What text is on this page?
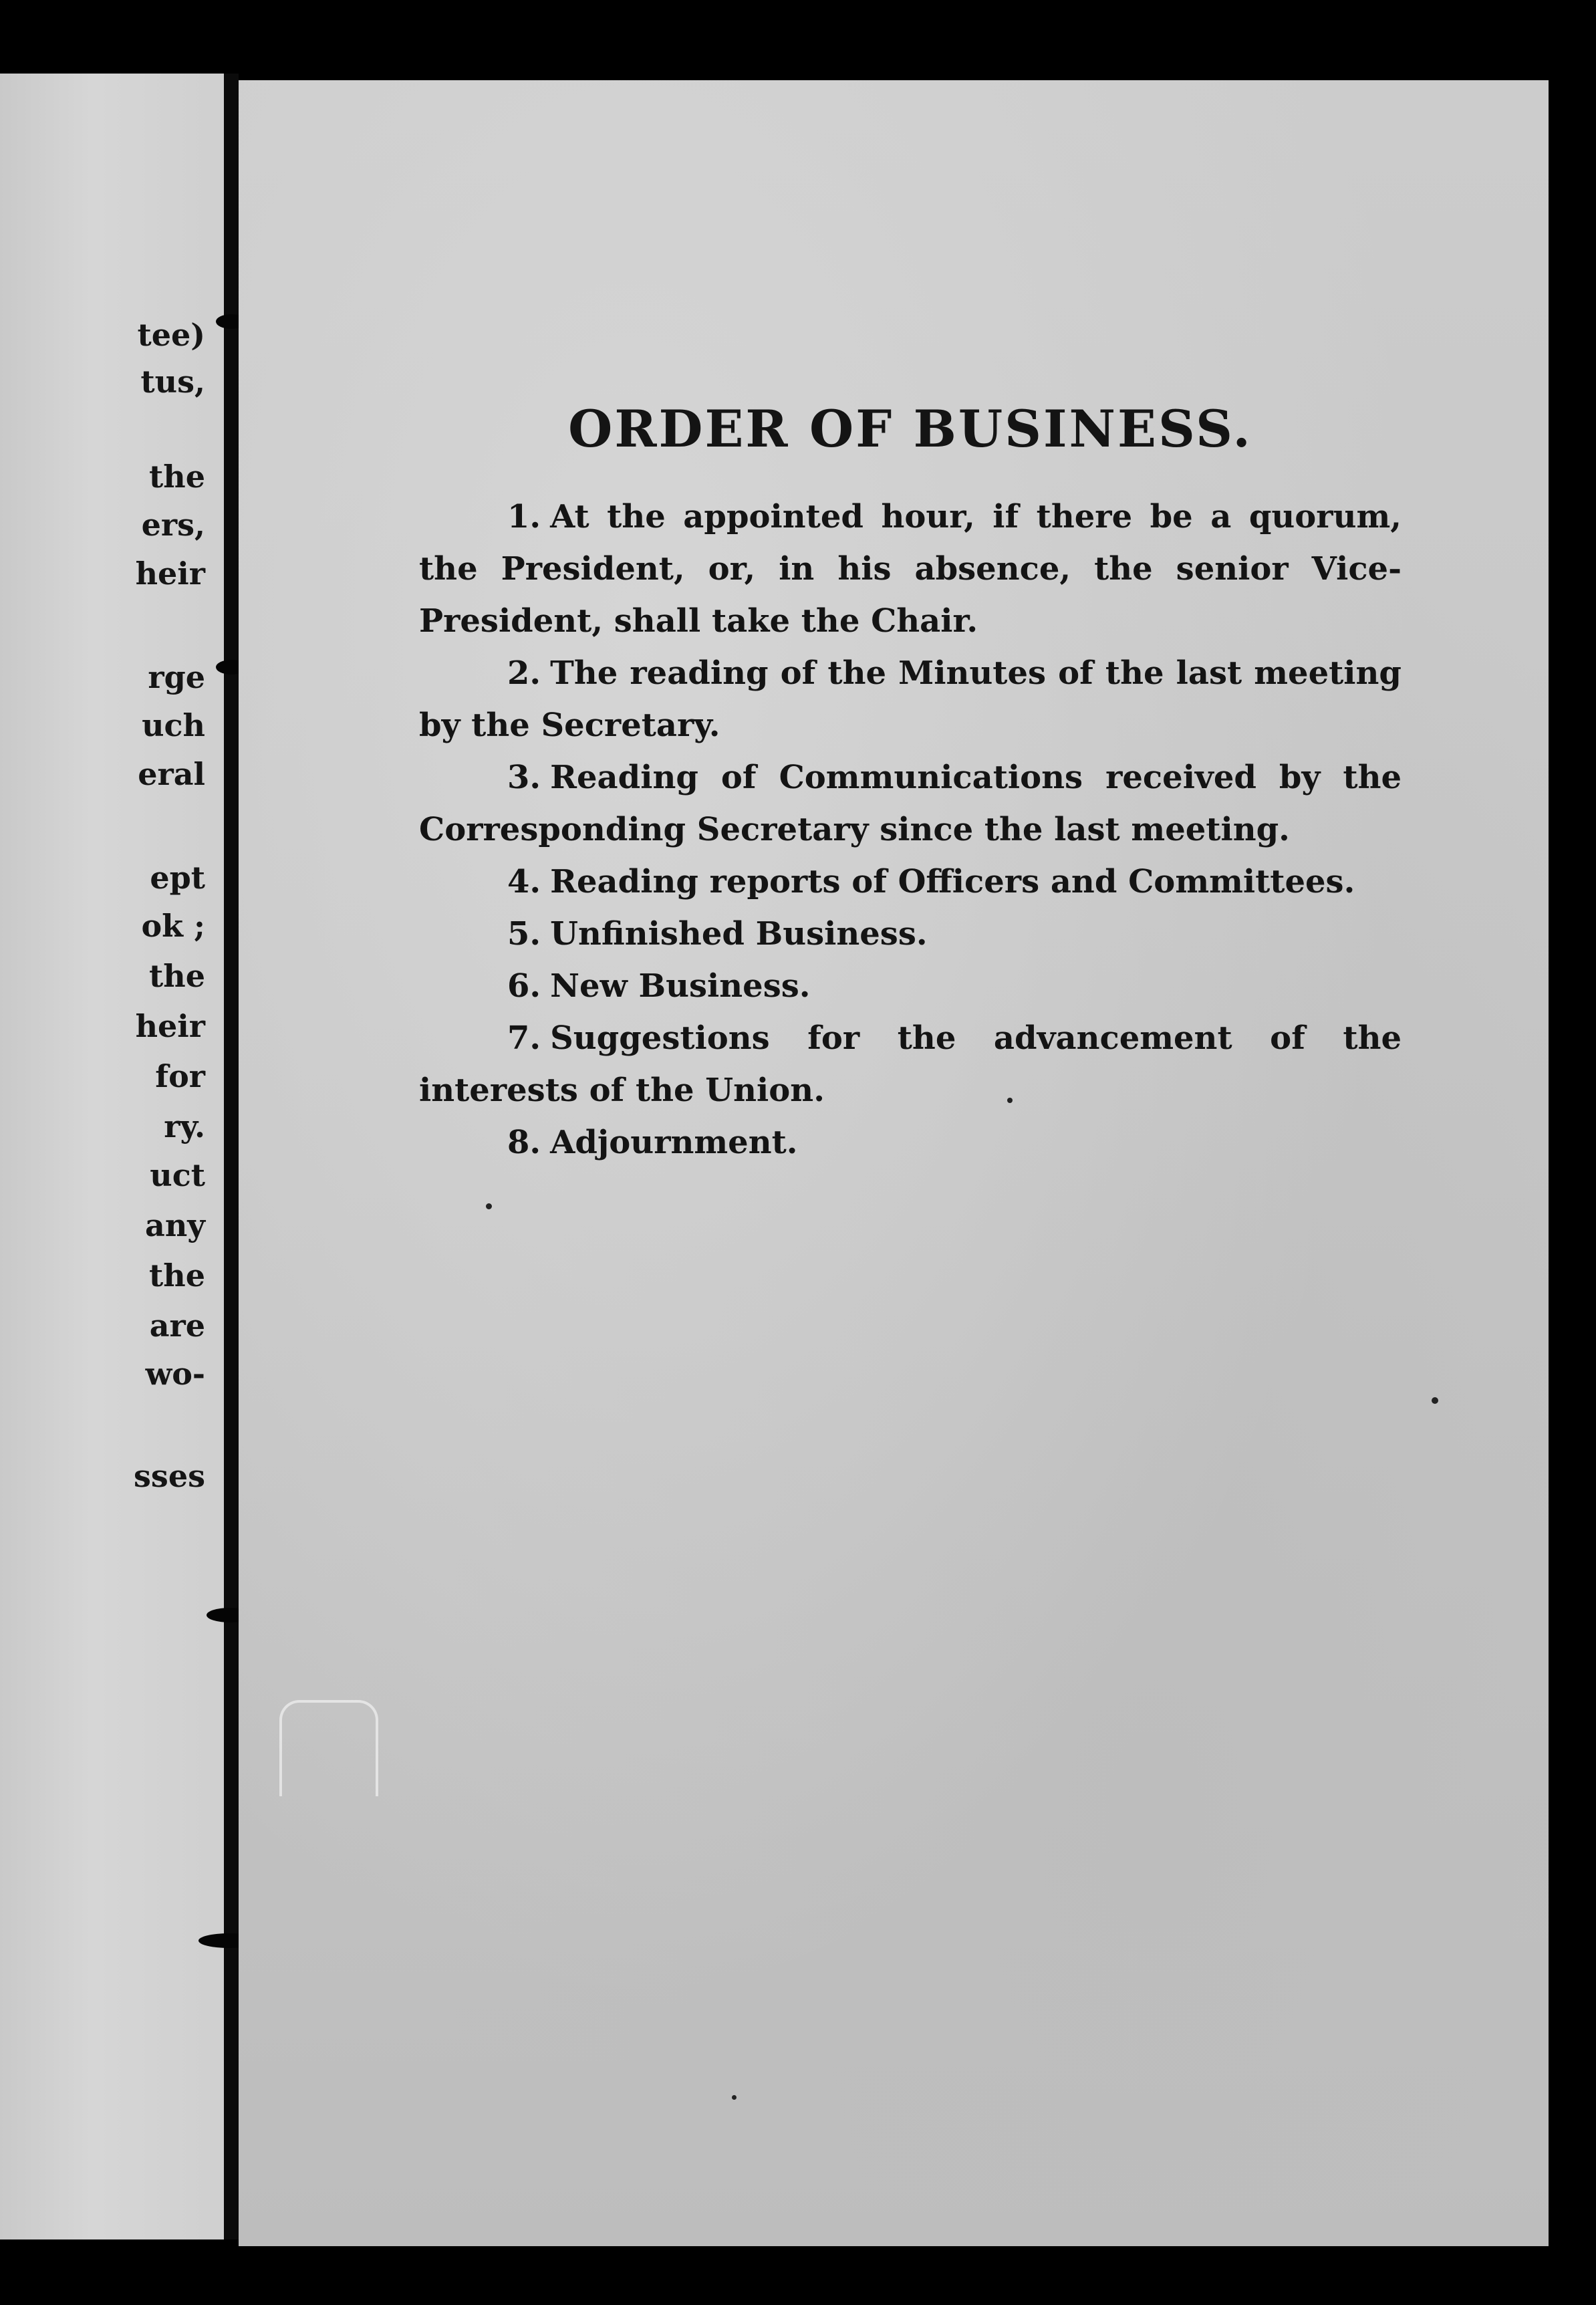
tee)
tus,
the
ers,
heir
rge
uch
eral
ept
ok ;
the
heir
for
ry.
uct
any
the
are
wo-
sses
ORDER OF BUSINESS.

1. At the appointed hour, if there be a quorum, the President, or, in his absence, the senior Vice-President, shall take the Chair.

2. The reading of the Minutes of the last meeting by the Secretary.

3. Reading of Communications received by the Corresponding Secretary since the last meeting.

4. Reading reports of Officers and Committees.

5. Unfinished Business.

6. New Business.

7. Suggestions for the advancement of the interests of the Union.

8. Adjournment.
